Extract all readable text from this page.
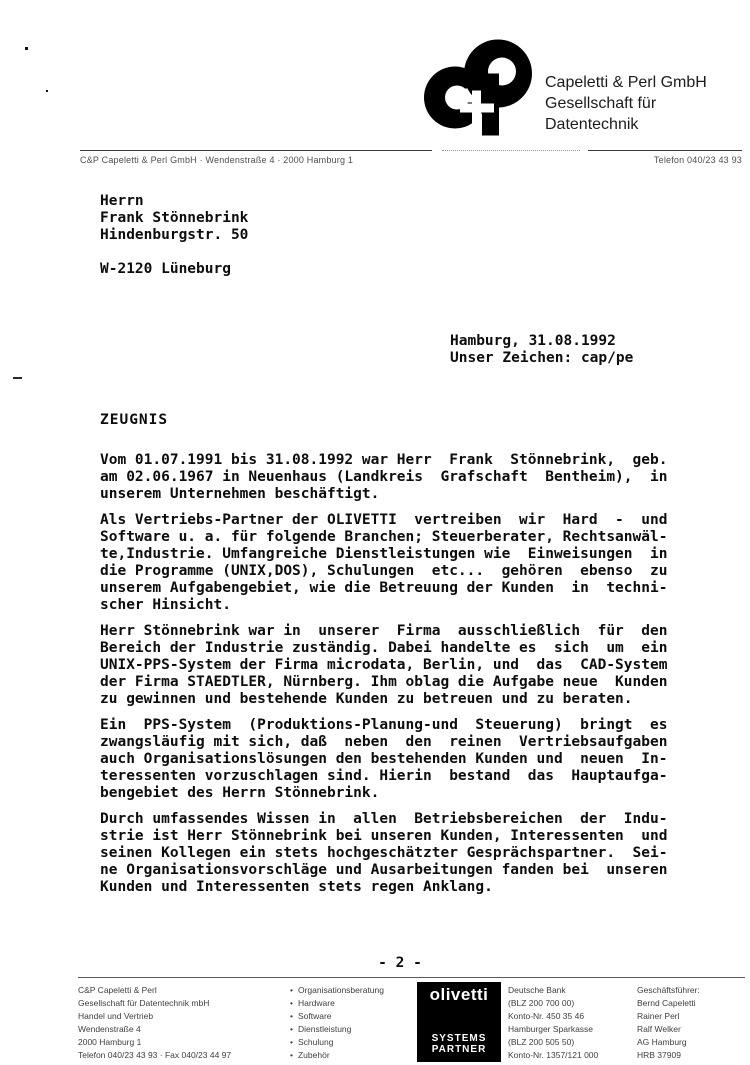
Capeletti & Perl GmbH
Gesellschaft für Datentechnik
C&P Capeletti & Perl GmbH · Wendenstraße 4 · 2000 Hamburg 1	Telefon 040/23 43 93
Herrn
Frank Stönnebrink
Hindenburgstr. 50

W-2120 Lüneburg
Hamburg, 31.08.1992
Unser Zeichen: cap/pe
ZEUGNIS
Vom 01.07.1991 bis 31.08.1992 war Herr  Frank  Stönnebrink,  geb.
am 02.06.1967 in Neuenhaus (Landkreis  Grafschaft  Bentheim),  in
unserem Unternehmen beschäftigt.
Als Vertriebs-Partner der OLIVETTI  vertreiben  wir  Hard  -  und
Software u. a. für folgende Branchen; Steuerberater, Rechtsanwäl-
te,Industrie. Umfangreiche Dienstleistungen wie  Einweisungen  in
die Programme (UNIX,DOS), Schulungen  etc...  gehören  ebenso  zu
unserem Aufgabengebiet, wie die Betreuung der Kunden  in  techni-
scher Hinsicht.
Herr Stönnebrink war in  unserer  Firma  ausschließlich  für  den
Bereich der Industrie zuständig. Dabei handelte es  sich  um  ein
UNIX-PPS-System der Firma microdata, Berlin, und  das  CAD-System
der Firma STAEDTLER, Nürnberg. Ihm oblag die Aufgabe neue  Kunden
zu gewinnen und bestehende Kunden zu betreuen und zu beraten.
Ein  PPS-System  (Produktions-Planung-und  Steuerung)  bringt  es
zwangsläufig mit sich, daß  neben  den  reinen  Vertriebsaufgaben
auch Organisationslösungen den bestehenden Kunden und  neuen  In-
teressenten vorzuschlagen sind. Hierin  bestand  das  Hauptaufga-
bengebiet des Herrn Stönnebrink.
Durch umfassendes Wissen in  allen  Betriebsbereichen  der  Indu-
strie ist Herr Stönnebrink bei unseren Kunden, Interessenten  und
seinen Kollegen ein stets hochgeschätzter Gesprächspartner.  Sei-
ne Organisationsvorschläge und Ausarbeitungen fanden bei  unseren
Kunden und Interessenten stets regen Anklang.
- 2 -
C&P Capeletti & Perl
Gesellschaft für Datentechnik mbH
Handel und Vertrieb
Wendenstraße 4
2000 Hamburg 1
Telefon 040/23 43 93 · Fax 040/23 44 97
• Organisationsberatung
• Hardware
• Software
• Dienstleistung
• Schulung
• Zubehör
olivetti
SYSTEMS
PARTNER
Deutsche Bank
(BLZ 200 700 00)
Konto-Nr. 450 35 46
Hamburger Sparkasse
(BLZ 200 505 50)
Konto-Nr. 1357/121 000
Geschäftsführer:
Bernd Capeletti
Rainer Perl
Ralf Welker
AG Hamburg
HRB 37909
